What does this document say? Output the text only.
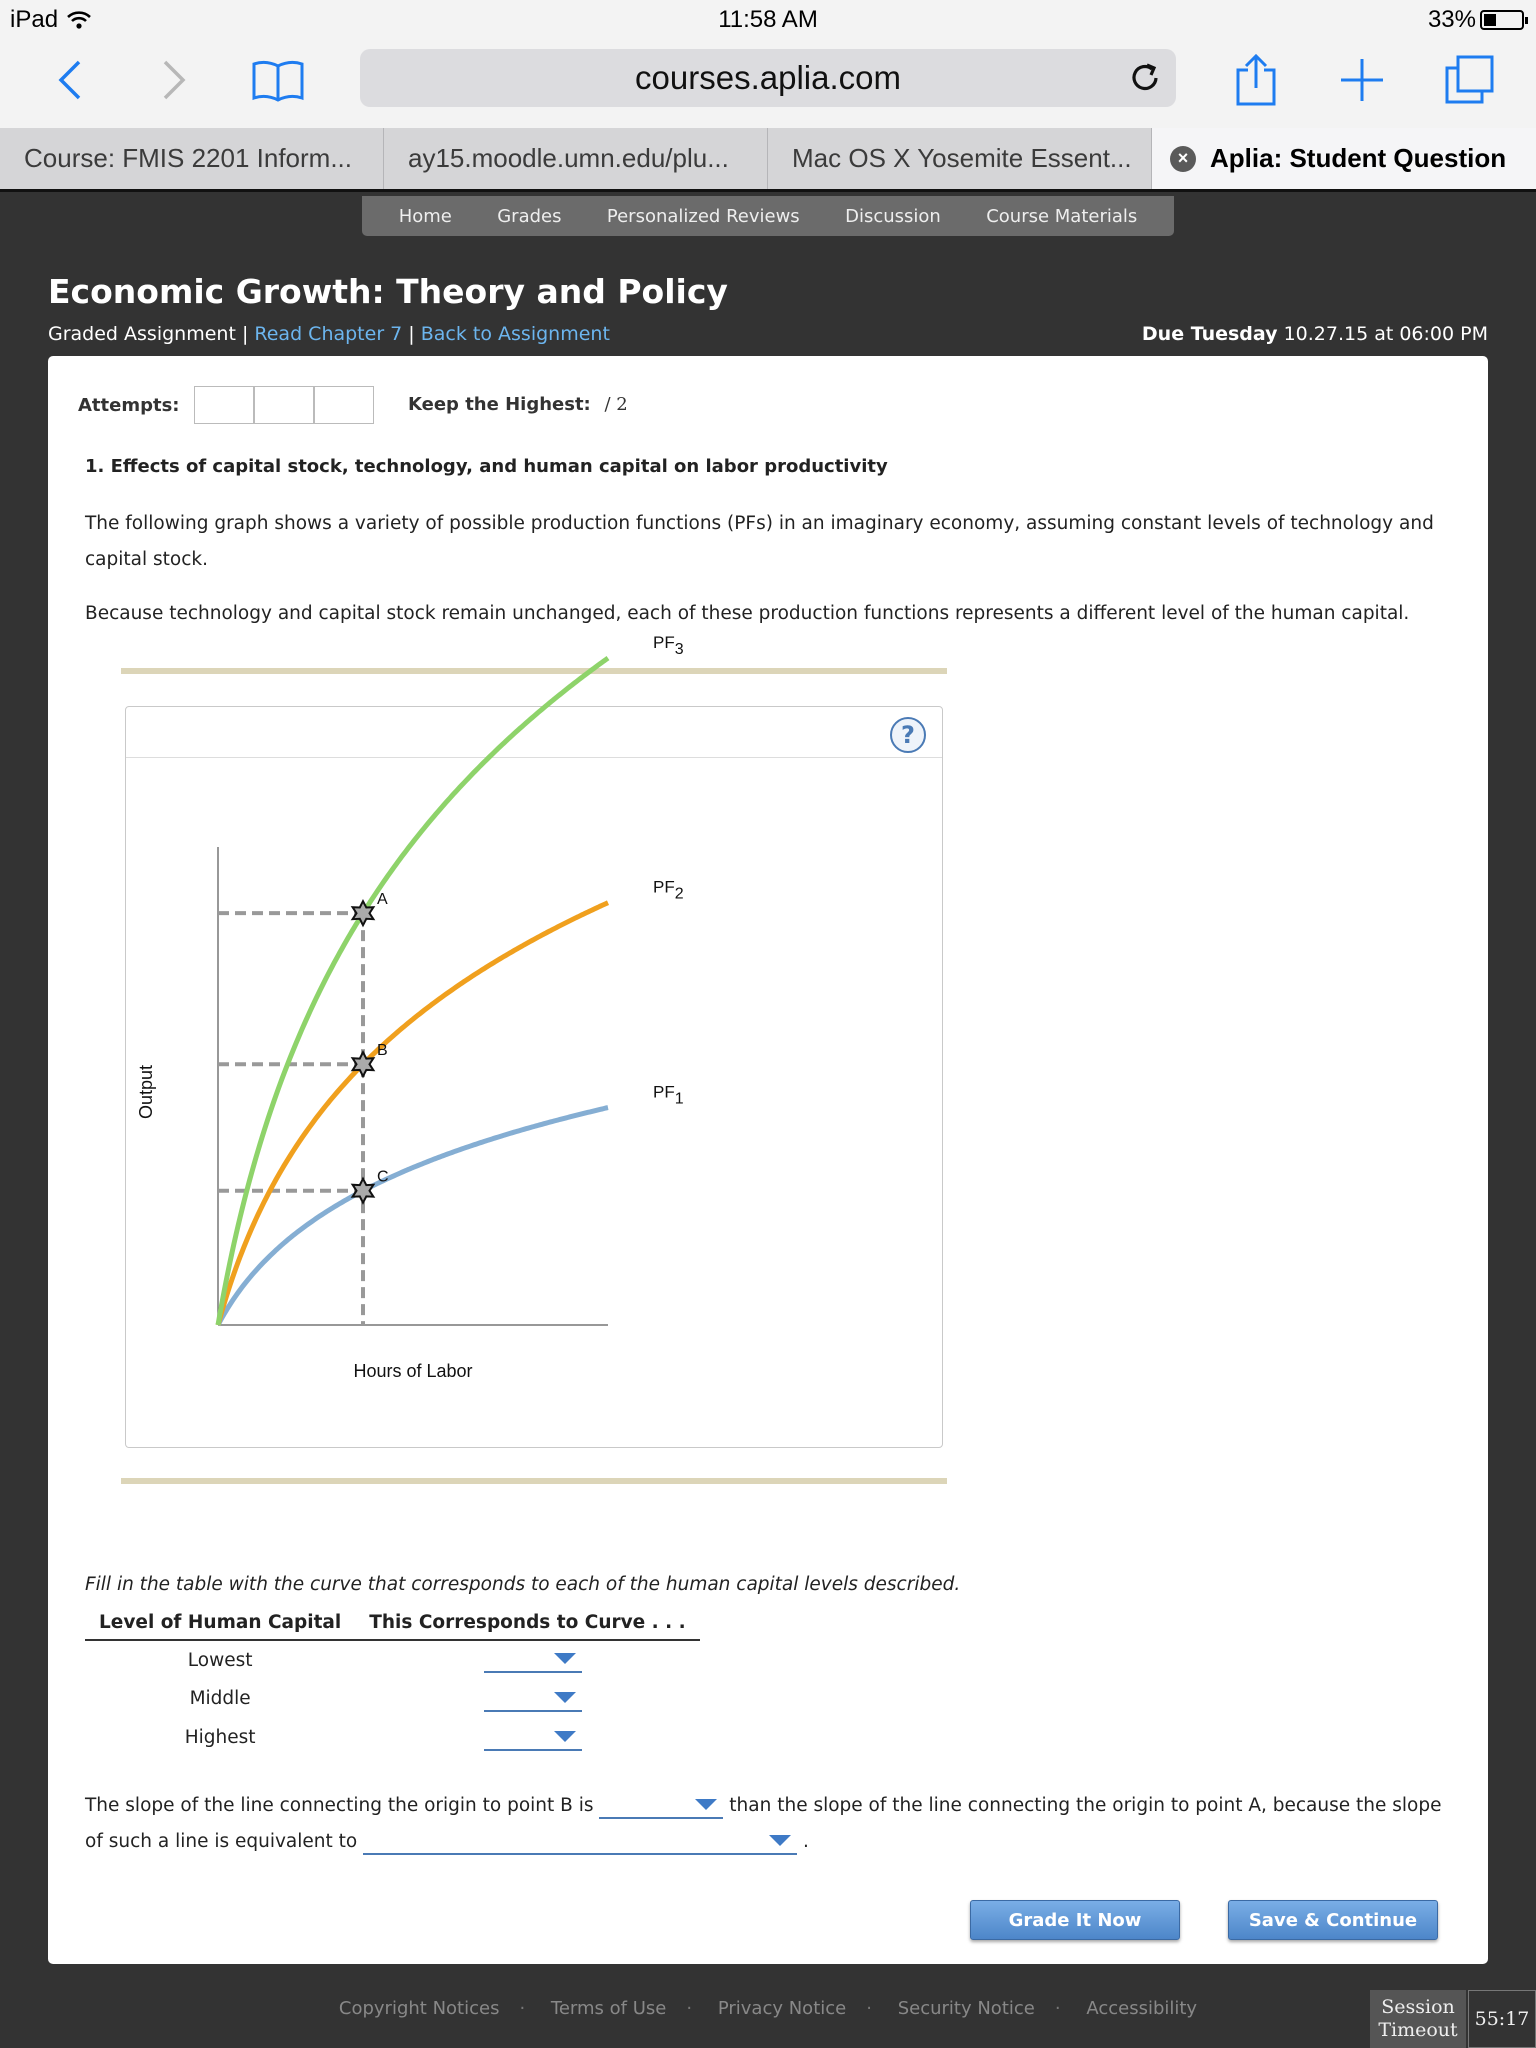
iPad	11:58 AM	33%
courses.aplia.com
Course: FMIS 2201 Inform... ay15.moodle.umn.edu/plu... Mac OS X Yosemite Essent...	× Aplia: Student Question
Home	Grades	Personalized Reviews	Discussion	Course Materials
Economic Growth: Theory and Policy
Graded Assignment | Read Chapter 7 | Back to Assignment	Due Tuesday 10.27.15 at 06:00 PM
Attempts:	Keep the Highest: / 2
1. Effects of capital stock, technology, and human capital on labor productivity
The following graph shows a variety of possible production functions (PFs) in an imaginary economy, assuming constant levels of technology and capital stock.
Because technology and capital stock remain unchanged, each of these production functions represents a different level of the human capital.
?
PF1
PF2
PF3
A
B
C
Hours of Labor
Output
Fill in the table with the curve that corresponds to each of the human capital levels described.
Level of Human Capital	This Corresponds to Curve . . .
Lowest	
Middle	
Highest	
The slope of the line connecting the origin to point B is	than the slope of the line connecting the origin to point A, because the slope of such a line is equivalent to	.
Grade It Now	Save & Continue
Copyright Notices · Terms of Use · Privacy Notice · Security Notice · Accessibility	Session
Timeout 55:17
